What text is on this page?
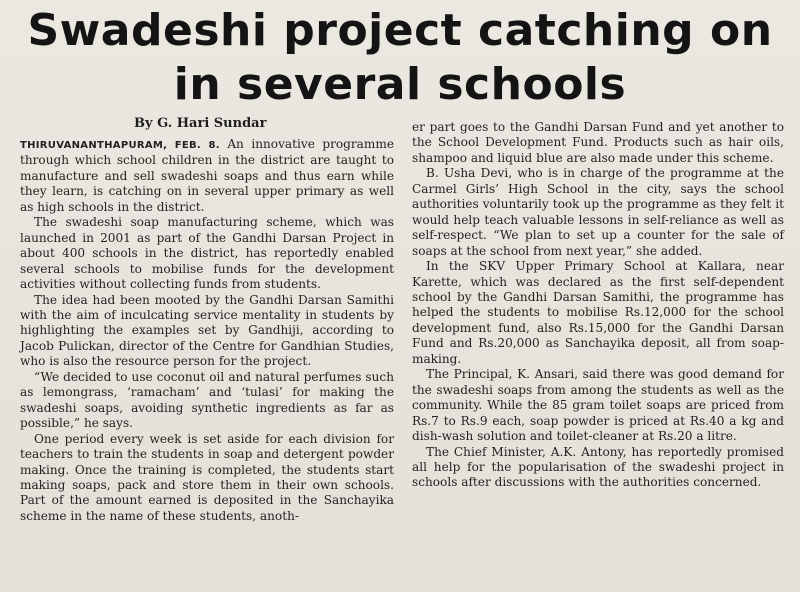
Swadeshi project catching on
in several schools

By G. Hari Sundar

THIRUVANANTHAPURAM, FEB. 8. An innovative programme through which school children in the district are taught to manufacture and sell swadeshi soaps and thus earn while they learn, is catching on in several upper primary as well as high schools in the district.

The swadeshi soap manufacturing scheme, which was launched in 2001 as part of the Gandhi Darsan Project in about 400 schools in the district, has reportedly enabled several schools to mobilise funds for the development activities without collecting funds from students.

The idea had been mooted by the Gandhi Darsan Samithi with the aim of inculcating service mentality in students by highlighting the examples set by Gandhiji, according to Jacob Pulickan, director of the Centre for Gandhian Studies, who is also the resource person for the project.

“We decided to use coconut oil and natural perfumes such as lemongrass, ‘ramacham’ and ‘tulasi’ for making the swadeshi soaps, avoiding synthetic ingredients as far as possible,” he says.

One period every week is set aside for each division for teachers to train the students in soap and detergent powder making. Once the training is completed, the students start making soaps, pack and store them in their own schools. Part of the amount earned is deposited in the Sanchayika scheme in the name of these students, anoth-

er part goes to the Gandhi Darsan Fund and yet another to the School Development Fund. Products such as hair oils, shampoo and liquid blue are also made under this scheme.

B. Usha Devi, who is in charge of the programme at the Carmel Girls’ High School in the city, says the school authorities voluntarily took up the programme as they felt it would help teach valuable lessons in self-reliance as well as self-respect. “We plan to set up a counter for the sale of soaps at the school from next year,” she added.

In the SKV Upper Primary School at Kallara, near Karette, which was declared as the first self-dependent school by the Gandhi Darsan Samithi, the programme has helped the students to mobilise Rs.12,000 for the school development fund, also Rs.15,000 for the Gandhi Darsan Fund and Rs.20,000 as Sanchayika deposit, all from soap-making.

The Principal, K. Ansari, said there was good demand for the swadeshi soaps from among the students as well as the community. While the 85 gram toilet soaps are priced from Rs.7 to Rs.9 each, soap powder is priced at Rs.40 a kg and dish-wash solution and toilet-cleaner at Rs.20 a litre.

The Chief Minister, A.K. Antony, has reportedly promised all help for the popularisation of the swadeshi project in schools after discussions with the authorities concerned.
